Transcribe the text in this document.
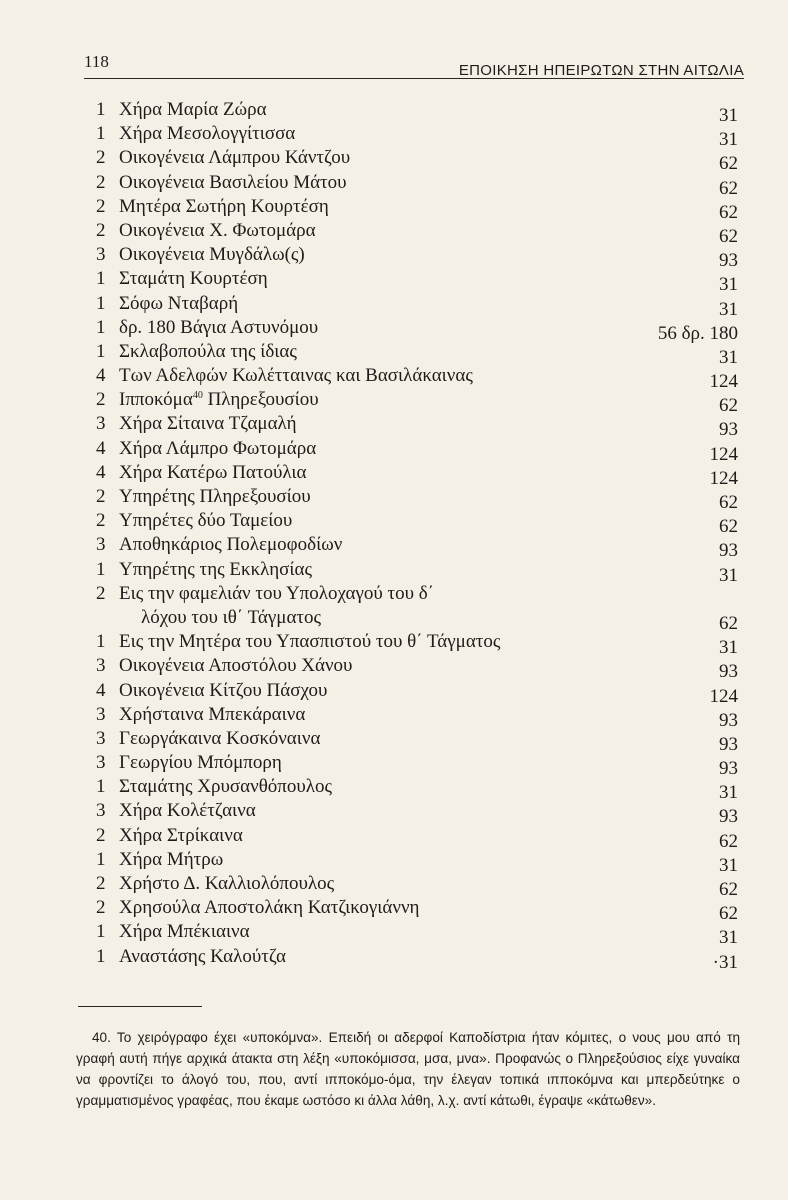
118	ΕΠΟΙΚΗΣΗ ΗΠΕΙΡΩΤΩΝ ΣΤΗΝ ΑΙΤΩΛΙΑ
1 Χήρα Μαρία Ζώρα	31
1 Χήρα Μεσολογγίτισσα	31
2 Οικογένεια Λάμπρου Κάντζου	62
2 Οικογένεια Βασιλείου Μάτου	62
2 Μητέρα Σωτήρη Κουρτέση	62
2 Οικογένεια Χ. Φωτομάρα	62
3 Οικογένεια Μυγδάλω(ς)	93
1 Σταμάτη Κουρτέση	31
1 Σόφω Νταβαρή	31
1 δρ. 180 Βάγια Αστυνόμου	56 δρ. 180
1 Σκλαβοπούλα της ίδιας	31
4 Των Αδελφών Κωλέτταινας και Βασιλάκαινας	124
2 Ιπποκόμα$^{40}$ Πληρεξουσίου	62
3 Χήρα Σίταινα Τζαμαλή	93
4 Χήρα Λάμπρο Φωτομάρα	124
4 Χήρα Κατέρω Πατούλια	124
2 Υπηρέτης Πληρεξουσίου	62
2 Υπηρέτες δύο Ταμείου	62
3 Αποθηκάριος Πολεμοφοδίων	93
1 Υπηρέτης της Εκκλησίας	31
2 Εις την φαμελιάν του Υπολοχαγού του δ΄
λόχου του ιθ΄ Τάγματος	62
1 Εις την Μητέρα του Υπασπιστού του θ΄ Τάγματος	31
3 Οικογένεια Αποστόλου Χάνου	93
4 Οικογένεια Κίτζου Πάσχου	124
3 Χρήσταινα Μπεκάραινα	93
3 Γεωργάκαινα Κοσκόναινα	93
3 Γεωργίου Μπόμπορη	93
1 Σταμάτης Χρυσανθόπουλος	31
3 Χήρα Κολέτζαινα	93
2 Χήρα Στρίκαινα	62
1 Χήρα Μήτρω	31
2 Χρήστο Δ. Καλλιολόπουλος	62
2 Χρησούλα Αποστολάκη Κατζικογιάννη	62
1 Χήρα Μπέκιαινα	31
1 Αναστάσης Καλούτζα	·31
40. Το χειρόγραφο έχει «υποκόμνα». Επειδή οι αδερφοί Καποδίστρια ήταν κόμιτες, ο νους μου από τη γραφή αυτή πήγε αρχικά άτακτα στη λέξη «υποκόμισσα, μσα, μνα». Προφανώς ο Πληρεξούσιος είχε γυναίκα να φροντίζει το άλογό του, που, αντί ιπποκόμο-όμα, την έλεγαν τοπικά ιπποκόμνα και μπερδεύτηκε ο γραμματισμένος γραφέας, που έκαμε ωστόσο κι άλλα λάθη, λ.χ. αντί κάτωθι, έγραψε «κάτωθεν».
